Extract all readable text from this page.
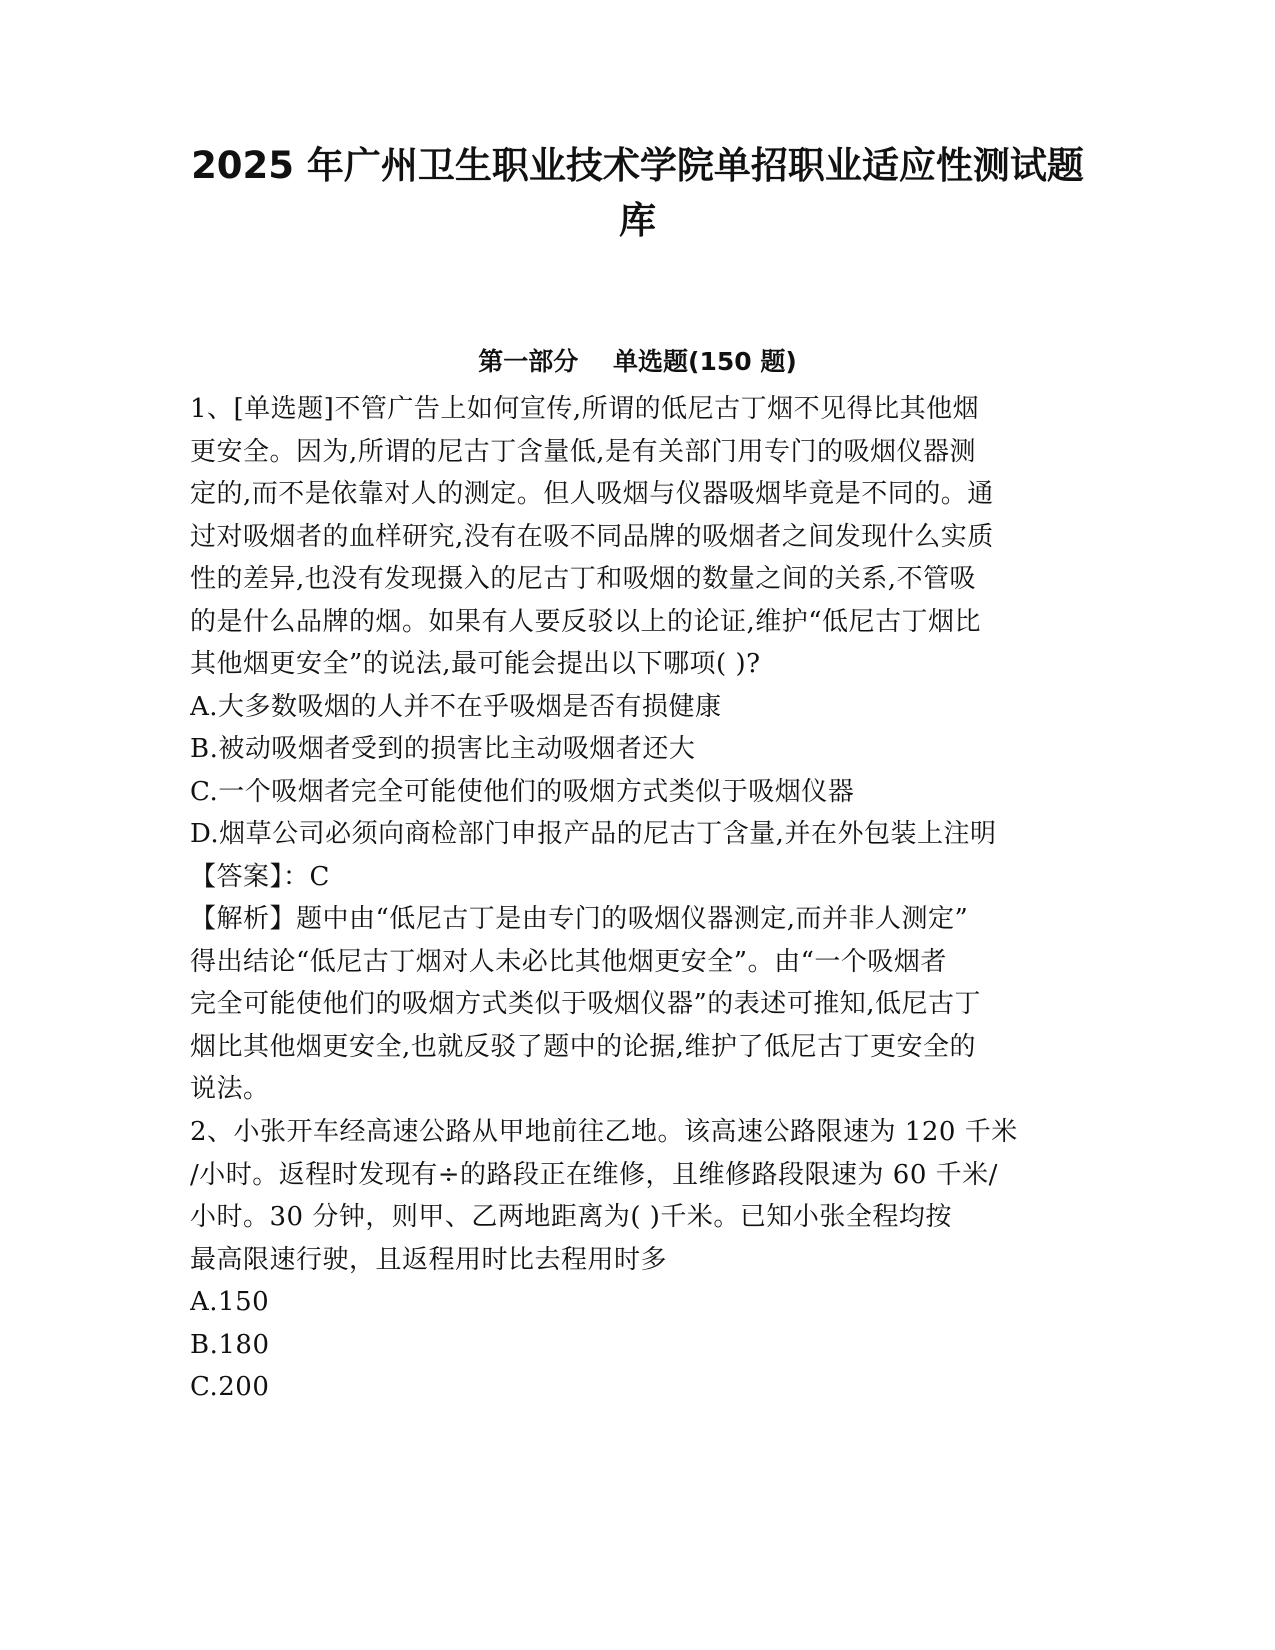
2025 年广州卫生职业技术学院单招职业适应性测试题
库
第一部分    单选题(150 题)
1、[单选题]不管广告上如何宣传,所谓的低尼古丁烟不见得比其他烟
更安全。因为,所谓的尼古丁含量低,是有关部门用专门的吸烟仪器测
定的,而不是依靠对人的测定。但人吸烟与仪器吸烟毕竟是不同的。通
过对吸烟者的血样研究,没有在吸不同品牌的吸烟者之间发现什么实质
性的差异,也没有发现摄入的尼古丁和吸烟的数量之间的关系,不管吸
的是什么品牌的烟。如果有人要反驳以上的论证,维护“低尼古丁烟比
其他烟更安全”的说法,最可能会提出以下哪项( )?
A.大多数吸烟的人并不在乎吸烟是否有损健康
B.被动吸烟者受到的损害比主动吸烟者还大
C.一个吸烟者完全可能使他们的吸烟方式类似于吸烟仪器
D.烟草公司必须向商检部门申报产品的尼古丁含量,并在外包装上注明
【答案】：C
【解析】题中由“低尼古丁是由专门的吸烟仪器测定,而并非人测定”
得出结论“低尼古丁烟对人未必比其他烟更安全”。由“一个吸烟者
完全可能使他们的吸烟方式类似于吸烟仪器”的表述可推知,低尼古丁
烟比其他烟更安全,也就反驳了题中的论据,维护了低尼古丁更安全的
说法。
2、小张开车经高速公路从甲地前往乙地。该高速公路限速为 120 千米
/小时。返程时发现有÷的路段正在维修，且维修路段限速为 60 千米/
小时。30 分钟，则甲、乙两地距离为( )千米。已知小张全程均按
最高限速行驶，且返程用时比去程用时多
A.150
B.180
C.200
